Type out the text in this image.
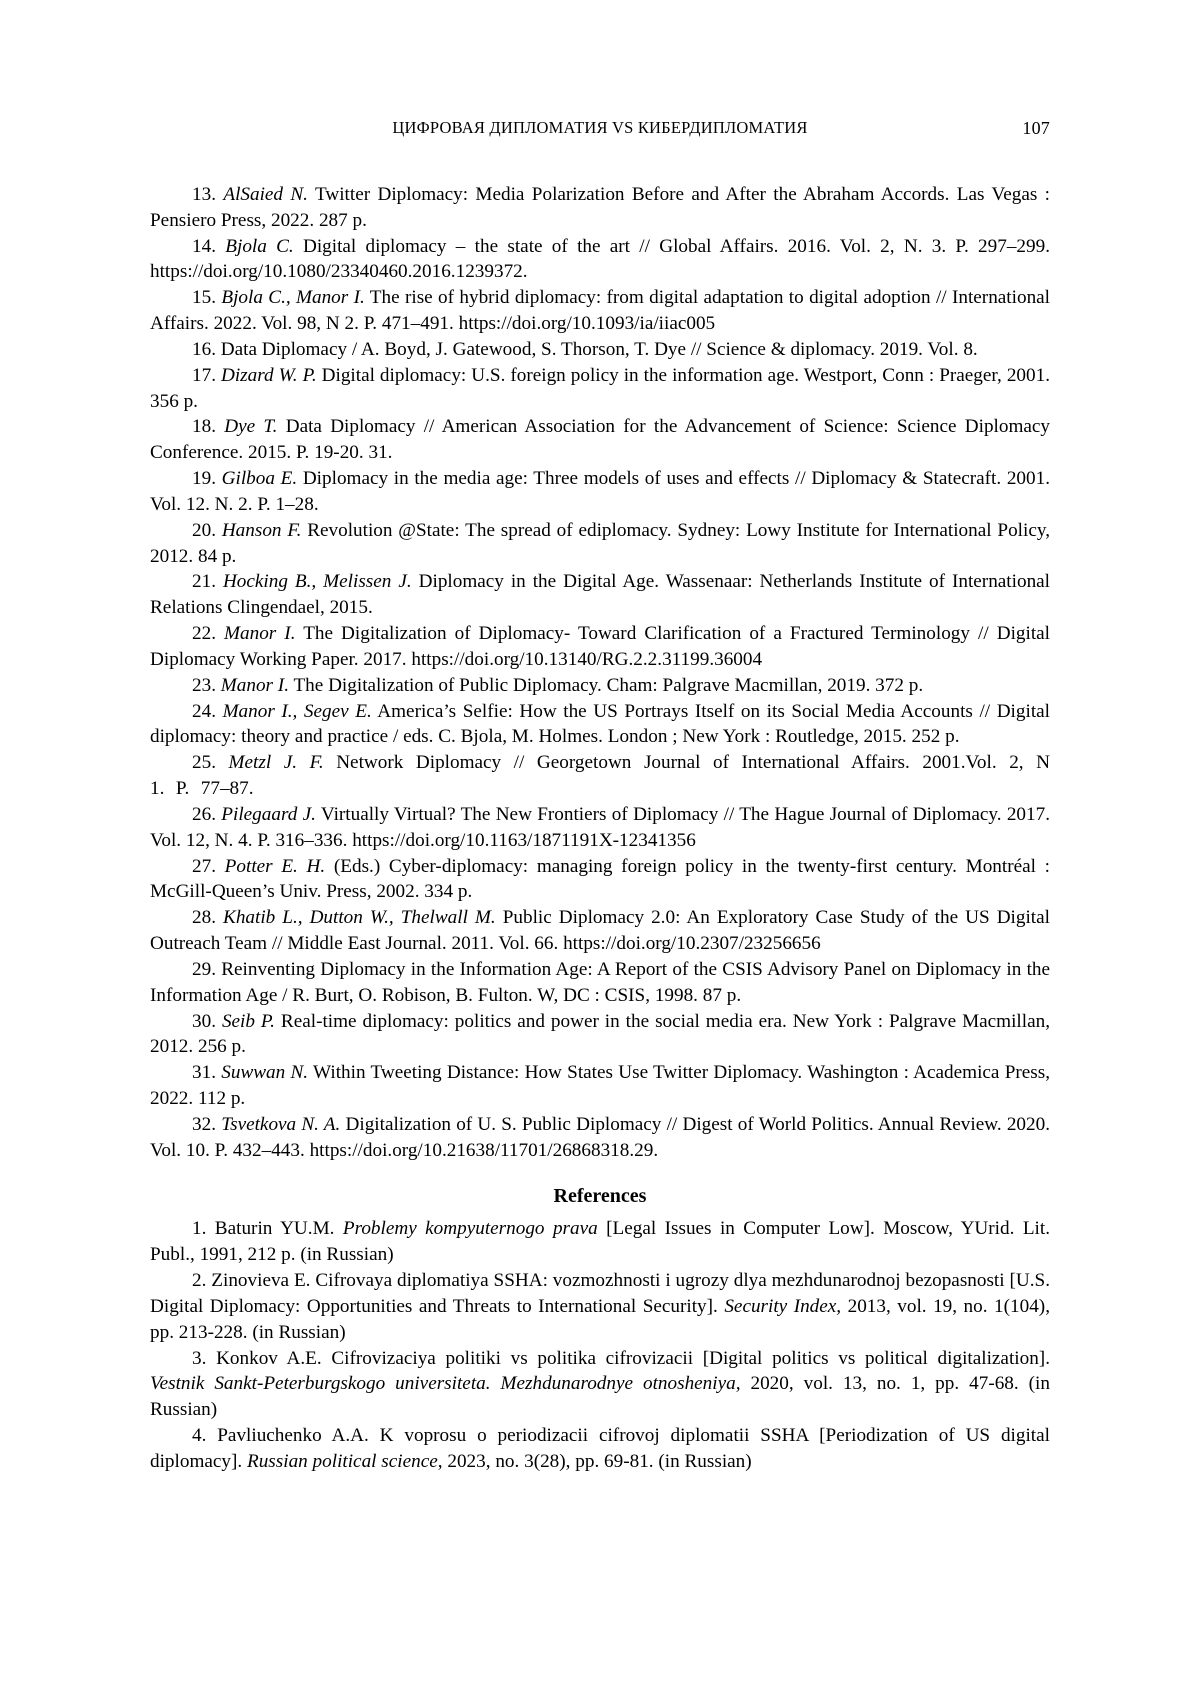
ЦИФРОВАЯ ДИПЛОМАТИЯ VS КИБЕРДИПЛОМАТИЯ	107

13. AlSaied N. Twitter Diplomacy: Media Polarization Before and After the Abraham Accords. Las Vegas : Pensiero Press, 2022. 287 p.

14. Bjola C. Digital diplomacy – the state of the art // Global Affairs. 2016. Vol. 2, N. 3. P. 297–299. https://doi.org/10.1080/23340460.2016.1239372.

15. Bjola C., Manor I. The rise of hybrid diplomacy: from digital adaptation to digital adoption // International Affairs. 2022. Vol. 98, N 2. P. 471–491. https://doi.org/10.1093/ia/iiac005

16. Data Diplomacy / A. Boyd, J. Gatewood, S. Thorson, T. Dye // Science & diplomacy. 2019. Vol. 8.

17. Dizard W. P. Digital diplomacy: U.S. foreign policy in the information age. Westport, Conn : Praeger, 2001. 356 p.

18. Dye T. Data Diplomacy // American Association for the Advancement of Science: Science Diplomacy Conference. 2015. P. 19-20. 31.

19. Gilboa E. Diplomacy in the media age: Three models of uses and effects // Diplomacy & Statecraft. 2001. Vol. 12. N. 2. P. 1–28.

20. Hanson F. Revolution @State: The spread of ediplomacy. Sydney: Lowy Institute for International Policy, 2012. 84 p.

21. Hocking B., Melissen J. Diplomacy in the Digital Age. Wassenaar: Netherlands Institute of International Relations Clingendael, 2015.

22. Manor I. The Digitalization of Diplomacy- Toward Clarification of a Fractured Terminology // Digital Diplomacy Working Paper. 2017. https://doi.org/10.13140/RG.2.2.31199.36004

23. Manor I. The Digitalization of Public Diplomacy. Cham: Palgrave Macmillan, 2019. 372 p.

24. Manor I., Segev E. America’s Selfie: How the US Portrays Itself on its Social Media Accounts // Digital diplomacy: theory and practice / eds. C. Bjola, M. Holmes. London ; New York : Routledge, 2015. 252 p.

25. Metzl J. F. Network Diplomacy // Georgetown Journal of International Affairs. 2001.Vol. 2, N 1. P. 77–87.

26. Pilegaard J. Virtually Virtual? The New Frontiers of Diplomacy // The Hague Journal of Diplomacy. 2017. Vol. 12, N. 4. P. 316–336. https://doi.org/10.1163/1871191X-12341356

27. Potter E. H. (Eds.) Cyber-diplomacy: managing foreign policy in the twenty-first century. Montréal : McGill-Queen’s Univ. Press, 2002. 334 p.

28. Khatib L., Dutton W., Thelwall M. Public Diplomacy 2.0: An Exploratory Case Study of the US Digital Outreach Team // Middle East Journal. 2011. Vol. 66. https://doi.org/10.2307/23256656

29. Reinventing Diplomacy in the Information Age: A Report of the CSIS Advisory Panel on Diplomacy in the Information Age / R. Burt, O. Robison, B. Fulton. W, DC : CSIS, 1998. 87 p.

30. Seib P. Real-time diplomacy: politics and power in the social media era. New York : Palgrave Macmillan, 2012. 256 p.

31. Suwwan N. Within Tweeting Distance: How States Use Twitter Diplomacy. Washington : Academica Press, 2022. 112 p.

32. Tsvetkova N. A. Digitalization of U. S. Public Diplomacy // Digest of World Politics. Annual Review. 2020. Vol. 10. P. 432–443. https://doi.org/10.21638/11701/26868318.29.

References

1. Baturin YU.M. Problemy kompyuternogo prava [Legal Issues in Computer Low]. Moscow, YUrid. Lit. Publ., 1991, 212 p. (in Russian)

2. Zinovieva E. Cifrovaya diplomatiya SSHA: vozmozhnosti i ugrozy dlya mezhdunarodnoj bezopasnosti [U.S. Digital Diplomacy: Opportunities and Threats to International Security]. Security Index, 2013, vol. 19, no. 1(104), pp. 213-228. (in Russian)

3. Konkov A.E. Cifrovizaciya politiki vs politika cifrovizacii [Digital politics vs political digitalization]. Vestnik Sankt-Peterburgskogo universiteta. Mezhdunarodnye otnosheniya, 2020, vol. 13, no. 1, pp. 47-68. (in Russian)

4. Pavliuchenko A.A. K voprosu o periodizacii cifrovoj diplomatii SSHA [Periodization of US digital diplomacy]. Russian political science, 2023, no. 3(28), pp. 69-81. (in Russian)
